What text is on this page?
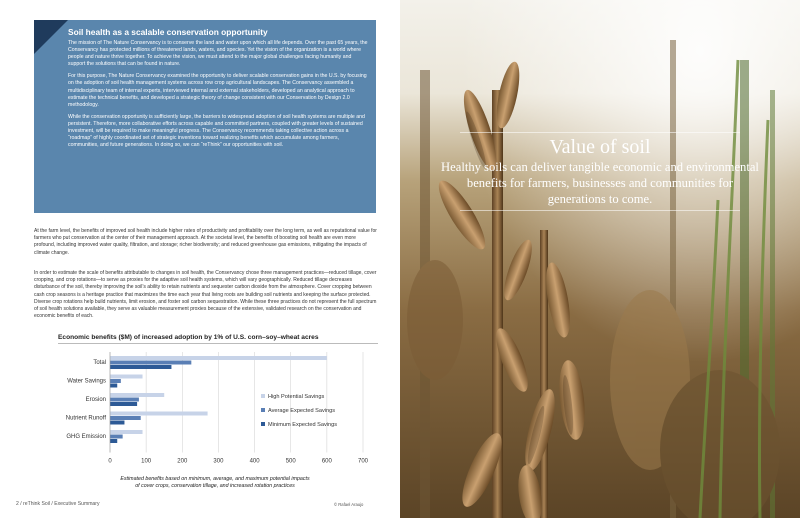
Soil health as a scalable conservation opportunity

The mission of The Nature Conservancy is to conserve the land and water upon which all life depends. Over the past 65 years, the Conservancy has protected millions of threatened lands, waters, and species. Yet the vision of the organization is a world where people and nature thrive together. To achieve the vision, we must attend to the major global challenges facing humanity and support the solutions that can be found in nature.

For this purpose, The Nature Conservancy examined the opportunity to deliver scalable conservation gains in the U.S. by focusing on the adoption of soil health management systems across row crop agricultural landscapes. The Conservancy assembled a multidisciplinary team of internal experts, interviewed internal and external stakeholders, developed an analytical approach to estimate the technical benefits, and developed a strategic theory of change consistent with our Conservation by Design 2.0 methodology.

While the conservation opportunity is sufficiently large, the barriers to widespread adoption of soil health systems are multiple and persistent. Therefore, more collaborative efforts across capable and committed partners, coupled with greater levels of sustained investment, will be required to make meaningful progress. The Conservancy recommends taking collective action across a “roadmap” of highly coordinated set of strategic inventions toward realizing benefits which accumulate among farmers, communities, and future generations. In doing so, we can “reThink” our opportunities with soil.

At the farm level, the benefits of improved soil health include higher rates of productivity and profitability over the long term, as well as reputational value for farmers who put conservation at the center of their management approach. At the societal level, the benefits of boosting soil health are even more profound, including improved water quality, filtration, and storage; richer biodiversity; and reduced greenhouse gas emissions, mitigating the impacts of climate change.
In order to estimate the scale of benefits attributable to changes in soil health, the Conservancy chose three management practices—reduced tillage, cover cropping, and crop rotations—to serve as proxies for the adaptive soil health systems, which will vary geographically. Reduced tillage decreases disturbance of the soil, thereby improving the soil’s ability to retain nutrients and sequester carbon dioxide from the atmosphere. Cover cropping between cash crop seasons is a heritage practice that maximizes the time each year that living roots are building soil nutrients and keeping the surface protected. Diverse crop rotations help build nutrients, limit erosion, and foster soil carbon sequestration. While these three practices do not represent the full spectrum of soil health solutions available, they serve as valuable measurement proxies because of the extensive, validated research on the conservation and economic benefits of each.
Economic benefits ($M) of increased adoption by 1% of U.S. corn–soy–wheat acres
0	100	200	300	400	500	600	700
Total
Water Savings
Erosion
Nutrient Runoff
GHG Emission
High Potential Savings
Average Expected Savings
Minimum Expected Savings
Estimated benefits based on minimum, average, and maximum potential impacts
of cover crops, conservation tillage, and increased rotation practices
2 / reThink Soil / Executive Summary	© Rafael Araujo
Value of soil
Healthy soils can deliver tangible economic and environmental benefits for farmers, businesses and communities for generations to come.
